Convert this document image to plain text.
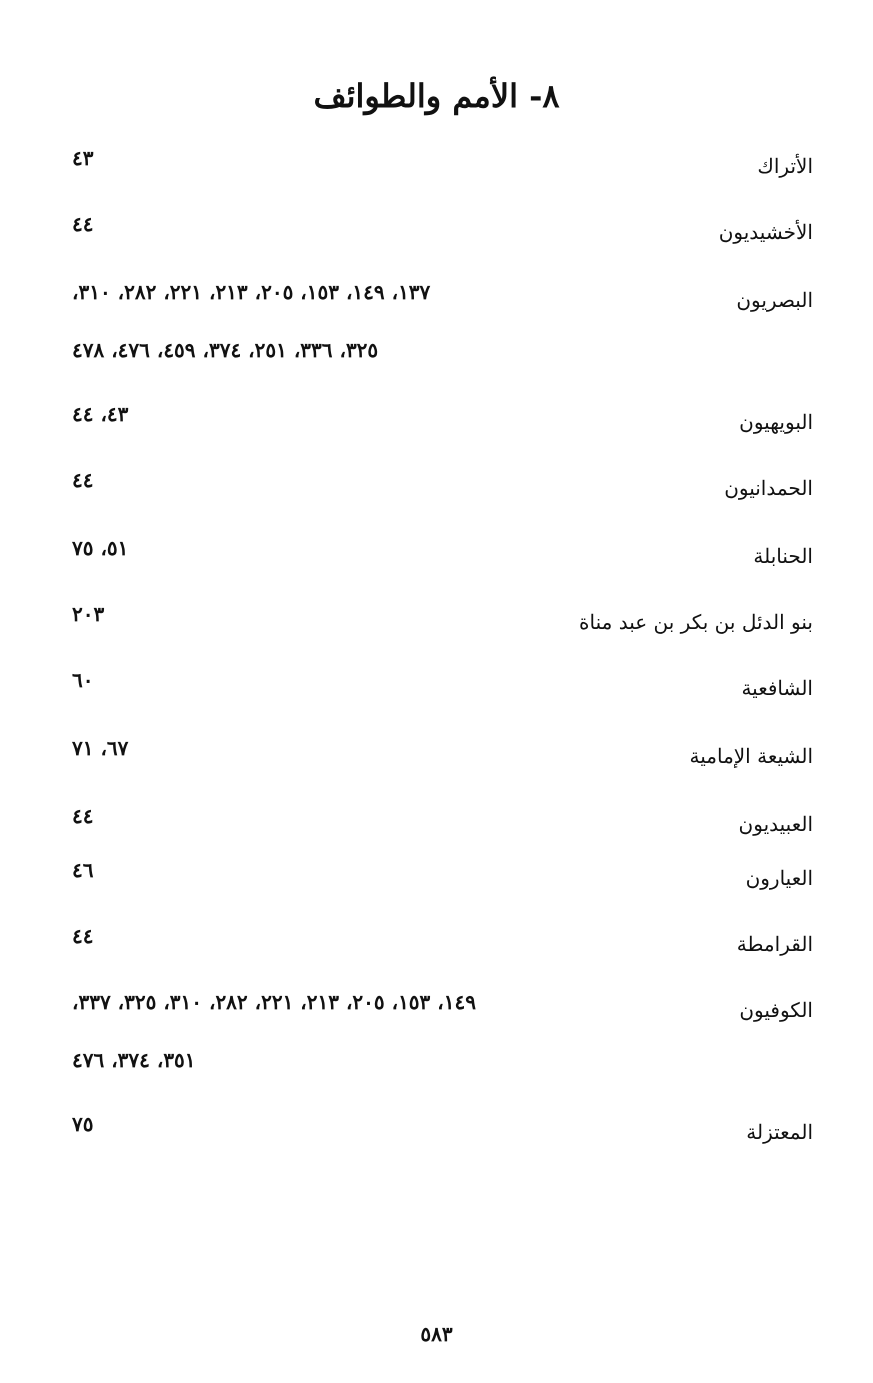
٨- الأمم والطوائف
الأتراك
٤٣
الأخشيديون
٤٤
البصريون
١٣٧، ١٤٩، ١٥٣، ٢٠٥، ٢١٣، ٢٢١، ٢٨٢، ٣١٠،
٣٢٥، ٣٣٦، ٢٥١، ٣٧٤، ٤٥٩، ٤٧٦، ٤٧٨
البويهيون
٤٣، ٤٤
الحمدانيون
٤٤
الحنابلة
٥١، ٧٥
بنو الدئل بن بكر بن عبد مناة
٢٠٣
الشافعية
٦٠
الشيعة الإمامية
٦٧، ٧١
العبيديون
٤٤
العيارون
٤٦
القرامطة
٤٤
الكوفيون
١٤٩، ١٥٣، ٢٠٥، ٢١٣، ٢٢١، ٢٨٢، ٣١٠، ٣٢٥، ٣٣٧،
٣٥١، ٣٧٤، ٤٧٦
المعتزلة
٧٥
٥٨٣
